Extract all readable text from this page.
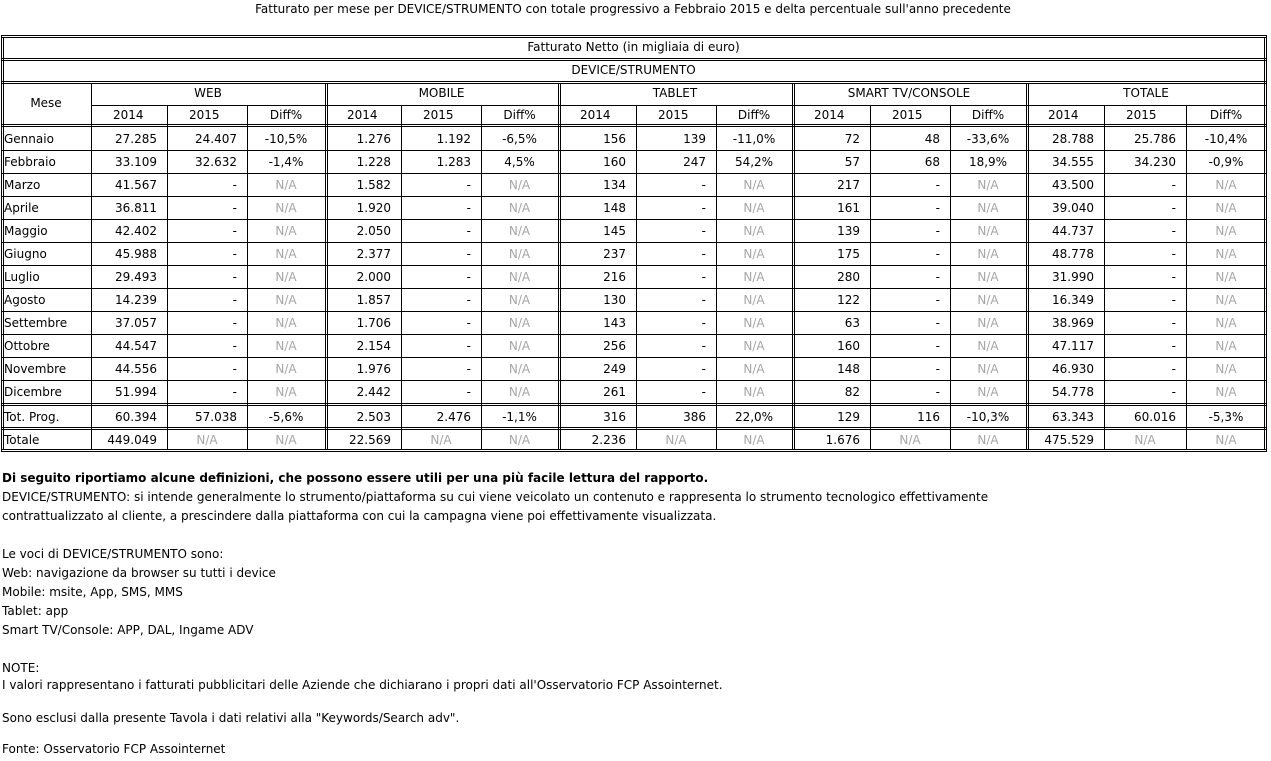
Fatturato per mese per DEVICE/STRUMENTO con totale progressivo a Febbraio 2015 e delta percentuale sull'anno precedente
Fatturato Netto (in migliaia di euro)
DEVICE/STRUMENTO
Mese
WEB
2014	2015	Diff%
MOBILE
2014	2015	Diff%
TABLET
2014	2015	Diff%
SMART TV/CONSOLE
2014	2015	Diff%
TOTALE
2014	2015	Diff%
Gennaio	27.285	24.407	-10,5%	1.276	1.192	-6,5%	156	139	-11,0%	72	48	-33,6%	28.788	25.786	-10,4%
Febbraio	33.109	32.632	-1,4%	1.228	1.283	4,5%	160	247	54,2%	57	68	18,9%	34.555	34.230	-0,9%
Marzo	41.567	-	N/A	1.582	-	N/A	134	-	N/A	217	-	N/A	43.500	-	N/A
Aprile	36.811	-	N/A	1.920	-	N/A	148	-	N/A	161	-	N/A	39.040	-	N/A
Maggio	42.402	-	N/A	2.050	-	N/A	145	-	N/A	139	-	N/A	44.737	-	N/A
Giugno	45.988	-	N/A	2.377	-	N/A	237	-	N/A	175	-	N/A	48.778	-	N/A
Luglio	29.493	-	N/A	2.000	-	N/A	216	-	N/A	280	-	N/A	31.990	-	N/A
Agosto	14.239	-	N/A	1.857	-	N/A	130	-	N/A	122	-	N/A	16.349	-	N/A
Settembre	37.057	-	N/A	1.706	-	N/A	143	-	N/A	63	-	N/A	38.969	-	N/A
Ottobre	44.547	-	N/A	2.154	-	N/A	256	-	N/A	160	-	N/A	47.117	-	N/A
Novembre	44.556	-	N/A	1.976	-	N/A	249	-	N/A	148	-	N/A	46.930	-	N/A
Dicembre	51.994	-	N/A	2.442	-	N/A	261	-	N/A	82	-	N/A	54.778	-	N/A
Tot. Prog.	60.394	57.038	-5,6%	2.503	2.476	-1,1%	316	386	22,0%	129	116	-10,3%	63.343	60.016	-5,3%
Totale	449.049	N/A	N/A	22.569	N/A	N/A	2.236	N/A	N/A	1.676	N/A	N/A	475.529	N/A	N/A

Di seguito riportiamo alcune definizioni, che possono essere utili per una più facile lettura del rapporto.

DEVICE/STRUMENTO: si intende generalmente lo strumento/piattaforma su cui viene veicolato un contenuto e rappresenta lo strumento tecnologico effettivamente

contrattualizzato al cliente, a prescindere dalla piattaforma con cui la campagna viene poi effettivamente visualizzata.

Le voci di DEVICE/STRUMENTO sono:

Web: navigazione da browser su tutti i device

Mobile: msite, App, SMS, MMS

Tablet: app

Smart TV/Console: APP, DAL, Ingame ADV

NOTE:

I valori rappresentano i fatturati pubblicitari delle Aziende che dichiarano i propri dati all'Osservatorio FCP Assointernet.

Sono esclusi dalla presente Tavola i dati relativi alla "Keywords/Search adv".

Fonte: Osservatorio FCP Assointernet
